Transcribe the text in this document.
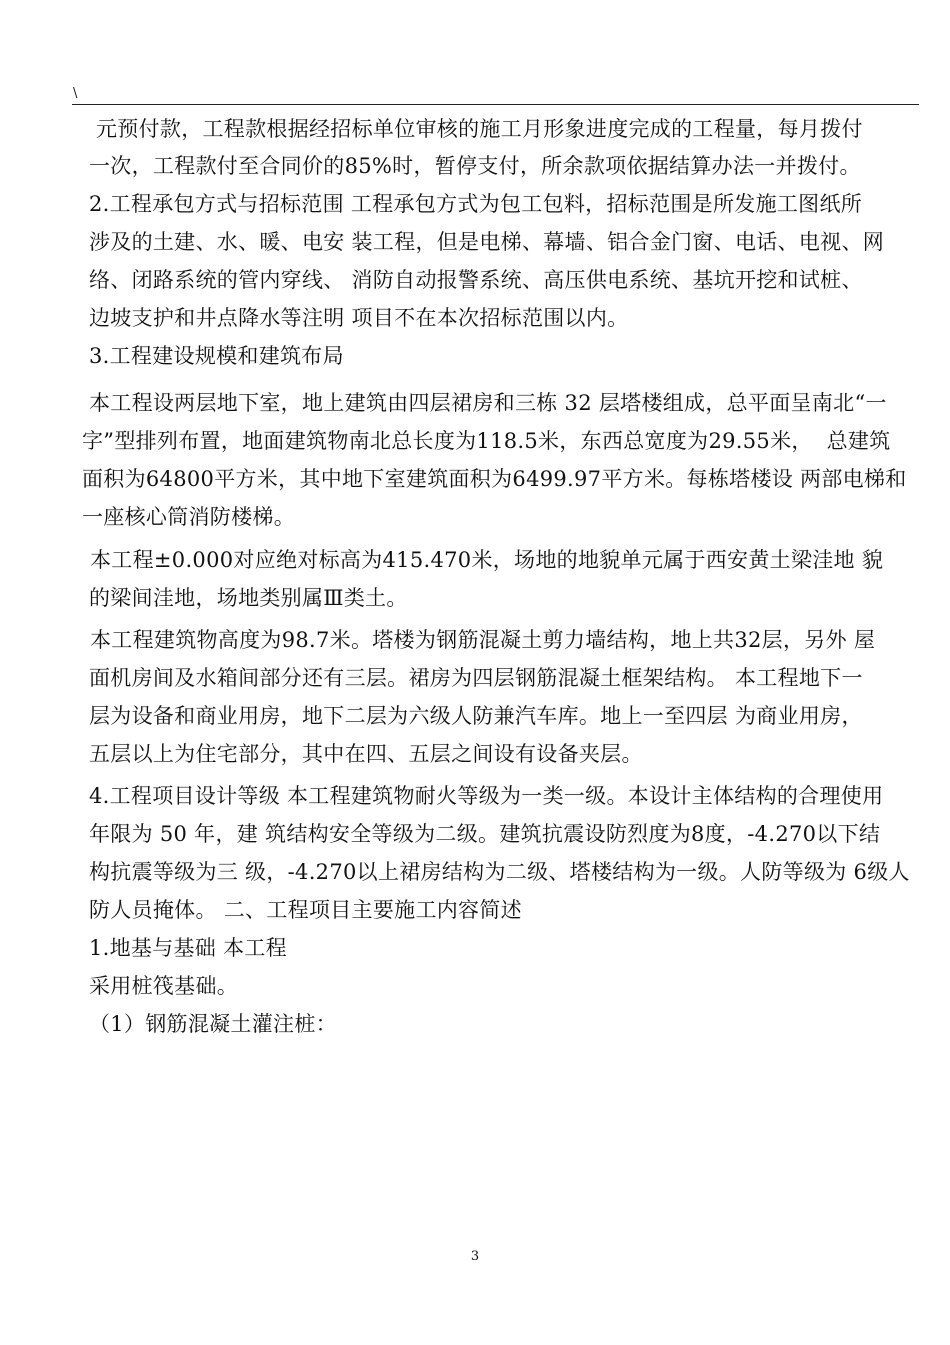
\
元预付款，工程款根据经招标单位审核的施工月形象进度完成的工程量，每月拨付
一次，工程款付至合同价的85%时，暂停支付，所余款项依据结算办法一并拨付。
2.工程承包方式与招标范围 工程承包方式为包工包料，招标范围是所发施工图纸所
涉及的土建、水、暖、电安 装工程，但是电梯、幕墙、铝合金门窗、电话、电视、网
络、闭路系统的管内穿线、 消防自动报警系统、高压供电系统、基坑开挖和试桩、
边坡支护和井点降水等注明 项目不在本次招标范围以内。
3.工程建设规模和建筑布局
本工程设两层地下室，地上建筑由四层裙房和三栋 32 层塔楼组成，总平面呈南北“一
字”型排列布置，地面建筑物南北总长度为118.5米，东西总宽度为29.55米，  总建筑
面积为64800平方米，其中地下室建筑面积为6499.97平方米。每栋塔楼设 两部电梯和
一座核心筒消防楼梯。
本工程±0.000对应绝对标高为415.470米，场地的地貌单元属于西安黄土梁洼地 貌
的梁间洼地，场地类别属Ⅲ类土。
本工程建筑物高度为98.7米。塔楼为钢筋混凝土剪力墙结构，地上共32层，另外 屋
面机房间及水箱间部分还有三层。裙房为四层钢筋混凝土框架结构。 本工程地下一
层为设备和商业用房，地下二层为六级人防兼汽车库。地上一至四层 为商业用房，
五层以上为住宅部分，其中在四、五层之间设有设备夹层。
4.工程项目设计等级 本工程建筑物耐火等级为一类一级。本设计主体结构的合理使用
年限为 50 年，建 筑结构安全等级为二级。建筑抗震设防烈度为8度，-4.270以下结
构抗震等级为三 级，-4.270以上裙房结构为二级、塔楼结构为一级。人防等级为 6级人
防人员掩体。 二、工程项目主要施工内容简述
1.地基与基础 本工程
采用桩筏基础。
（1）钢筋混凝土灌注桩：
3
